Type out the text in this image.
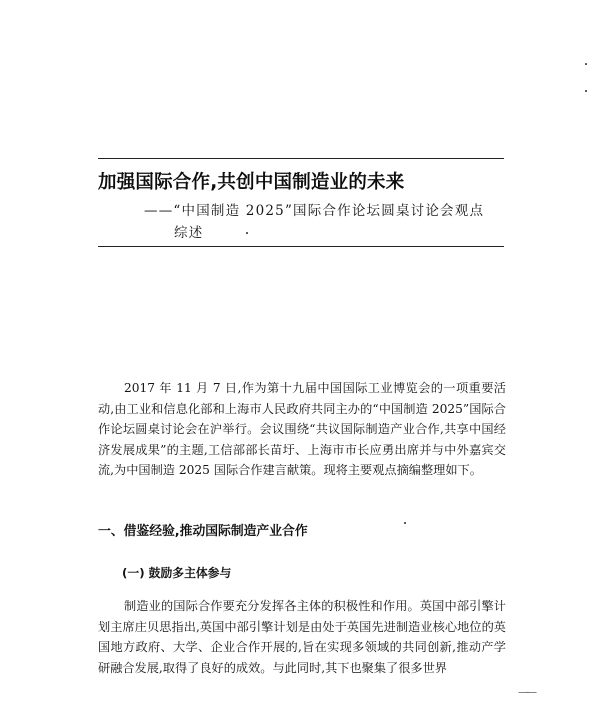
加强国际合作,共创中国制造业的未来
——“中国制造 2025”国际合作论坛圆桌讨论会观点
综述

2017 年 11 月 7 日,作为第十九届中国国际工业博览会的一项重要活动,由工业和信息化部和上海市人民政府共同主办的“中国制造 2025”国际合作论坛圆桌讨论会在沪举行。会议围绕“共议国际制造产业合作,共享中国经济发展成果”的主题,工信部部长苗圩、上海市市长应勇出席并与中外嘉宾交流,为中国制造 2025 国际合作建言献策。现将主要观点摘编整理如下。

一、借鉴经验,推动国际制造产业合作
(一) 鼓励多主体参与

制造业的国际合作要充分发挥各主体的积极性和作用。英国中部引擎计划主席庄贝思指出,英国中部引擎计划是由处于英国先进制造业核心地位的英国地方政府、大学、企业合作开展的,旨在实现多领域的共同创新,推动产学研融合发展,取得了良好的成效。与此同时,其下也聚集了很多世界

—-—
